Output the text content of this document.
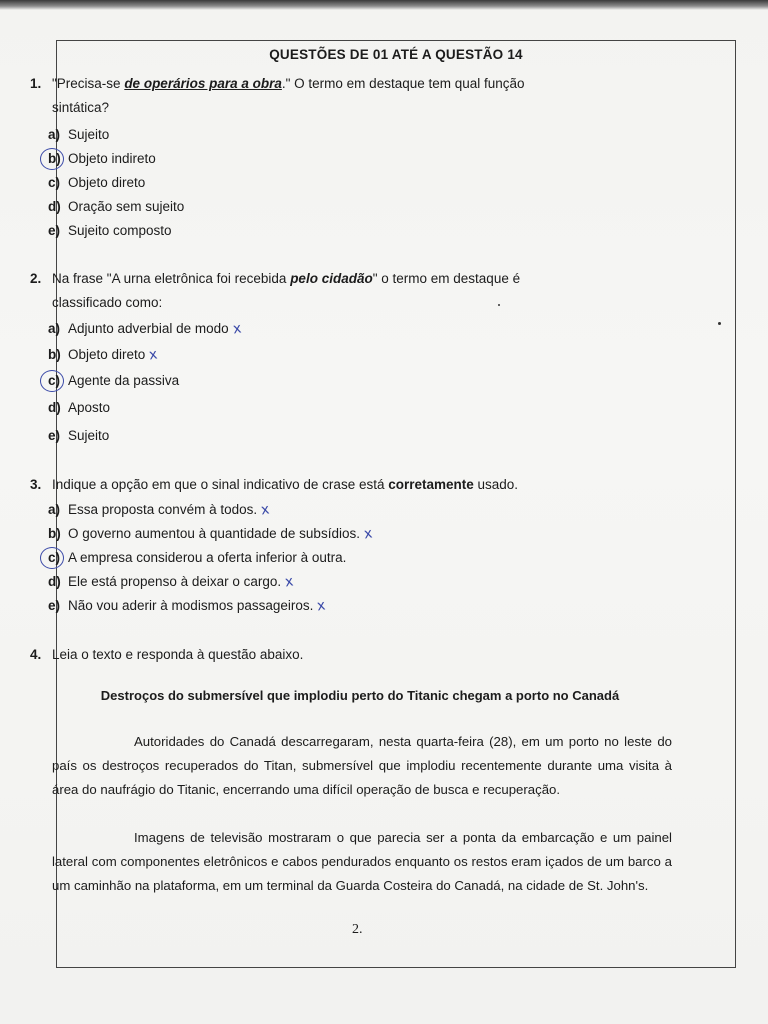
QUESTÕES DE 01 ATÉ A QUESTÃO 14
1. "Precisa-se de operários para a obra." O termo em destaque tem qual função
sintática?
a) Sujeito
b) Objeto indireto
c) Objeto direto
d) Oração sem sujeito
e) Sujeito composto
2. Na frase "A urna eletrônica foi recebida pelo cidadão" o termo em destaque é
classificado como:
a) Adjunto adverbial de modo x
b) Objeto direto x
c) Agente da passiva
d) Aposto
e) Sujeito
3. Indique a opção em que o sinal indicativo de crase está corretamente usado.
a) Essa proposta convém à todos. x
b) O governo aumentou à quantidade de subsídios. x
c) A empresa considerou a oferta inferior à outra.
d) Ele está propenso à deixar o cargo. x
e) Não vou aderir à modismos passageiros. x
4. Leia o texto e responda à questão abaixo.
Destroços do submersível que implodiu perto do Titanic chegam a porto no Canadá
Autoridades do Canadá descarregaram, nesta quarta-feira (28), em um porto no leste do país os destroços recuperados do Titan, submersível que implodiu recentemente durante uma visita à área do naufrágio do Titanic, encerrando uma difícil operação de busca e recuperação.
Imagens de televisão mostraram o que parecia ser a ponta da embarcação e um painel lateral com componentes eletrônicos e cabos pendurados enquanto os restos eram içados de um barco a um caminhão na plataforma, em um terminal da Guarda Costeira do Canadá, na cidade de St. John's.
2.
